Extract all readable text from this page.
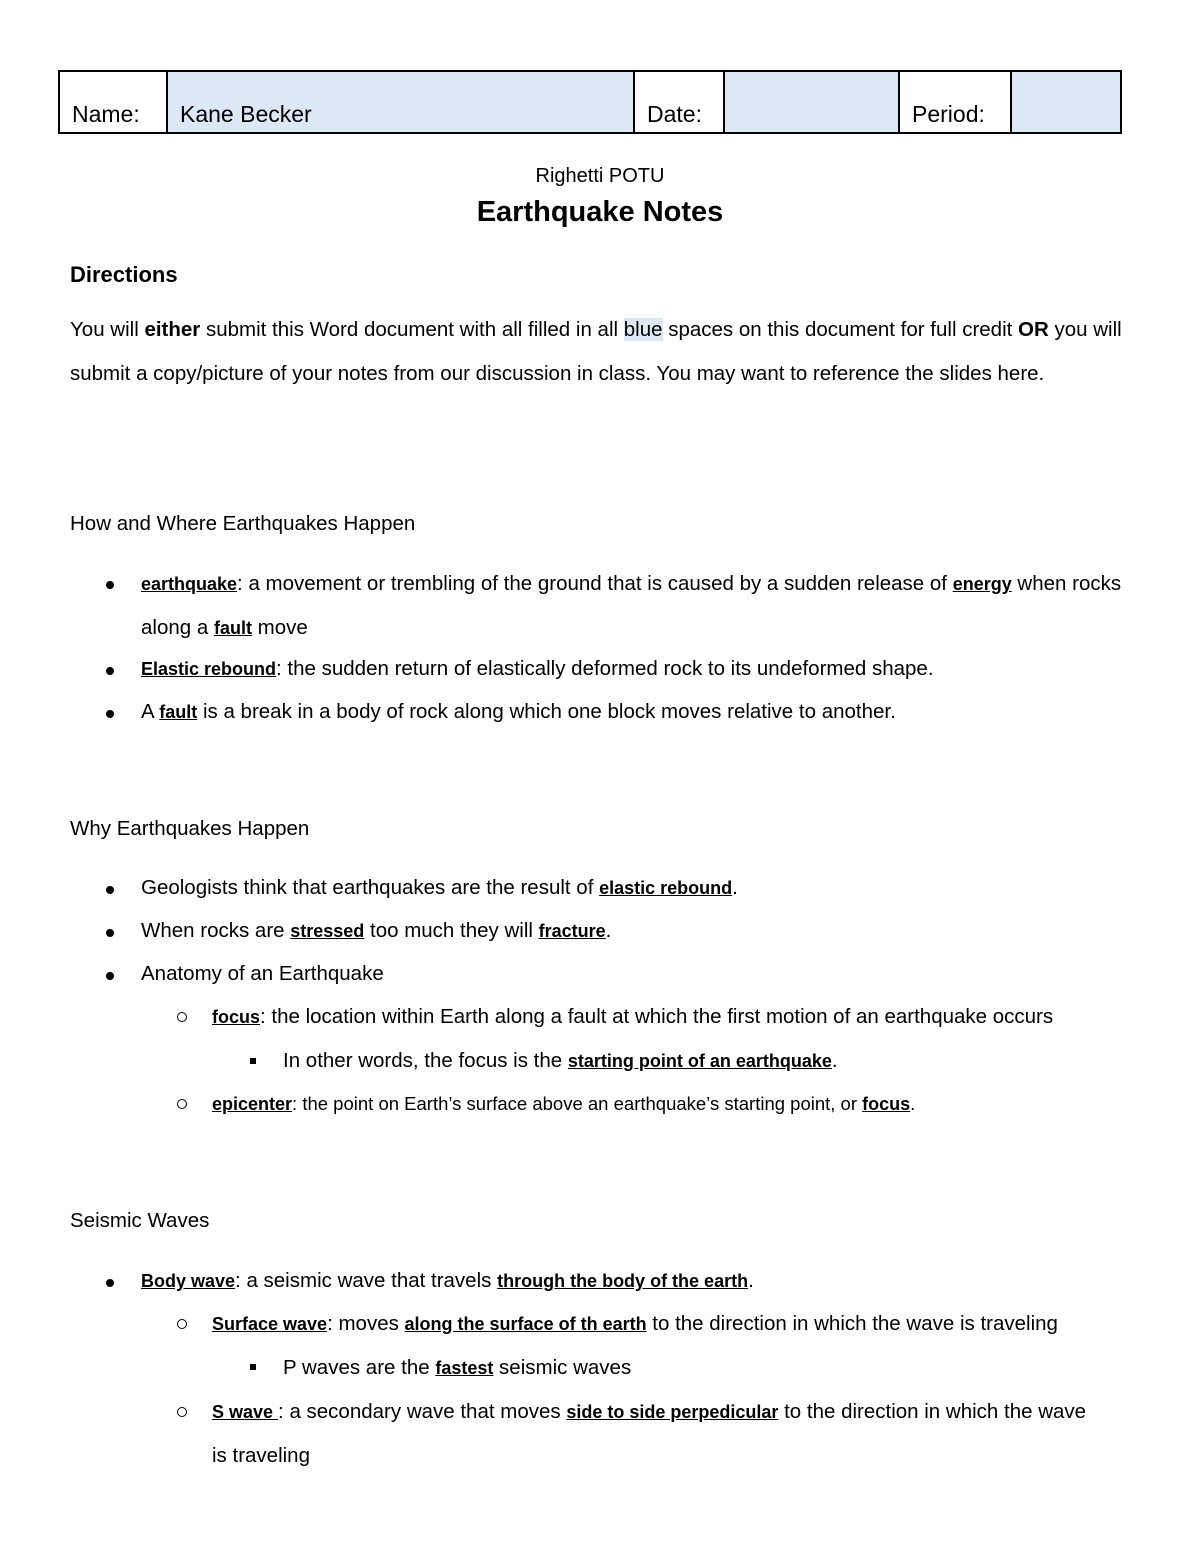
Name:	Kane Becker	Date:		Period:	
Righetti POTU
Earthquake Notes
Directions
You will either submit this Word document with all filled in all blue spaces on this document for full credit OR you will submit a copy/picture of your notes from our discussion in class. You may want to reference the slides here.
How and Where Earthquakes Happen
earthquake: a movement or trembling of the ground that is caused by a sudden release of energy when rocks along a fault move
Elastic rebound: the sudden return of elastically deformed rock to its undeformed shape.
A fault is a break in a body of rock along which one block moves relative to another.
Why Earthquakes Happen
Geologists think that earthquakes are the result of elastic rebound.
When rocks are stressed too much they will fracture.
Anatomy of an Earthquake
focus: the location within Earth along a fault at which the first motion of an earthquake occurs
In other words, the focus is the starting point of an earthquake.
epicenter: the point on Earth’s surface above an earthquake’s starting point, or focus.
Seismic Waves
Body wave: a seismic wave that travels through the body of the earth.
Surface wave: moves along the surface of th earth to the direction in which the wave is traveling
P waves are the fastest seismic waves
S wave : a secondary wave that moves side to side perpedicular to the direction in which the wave is traveling
